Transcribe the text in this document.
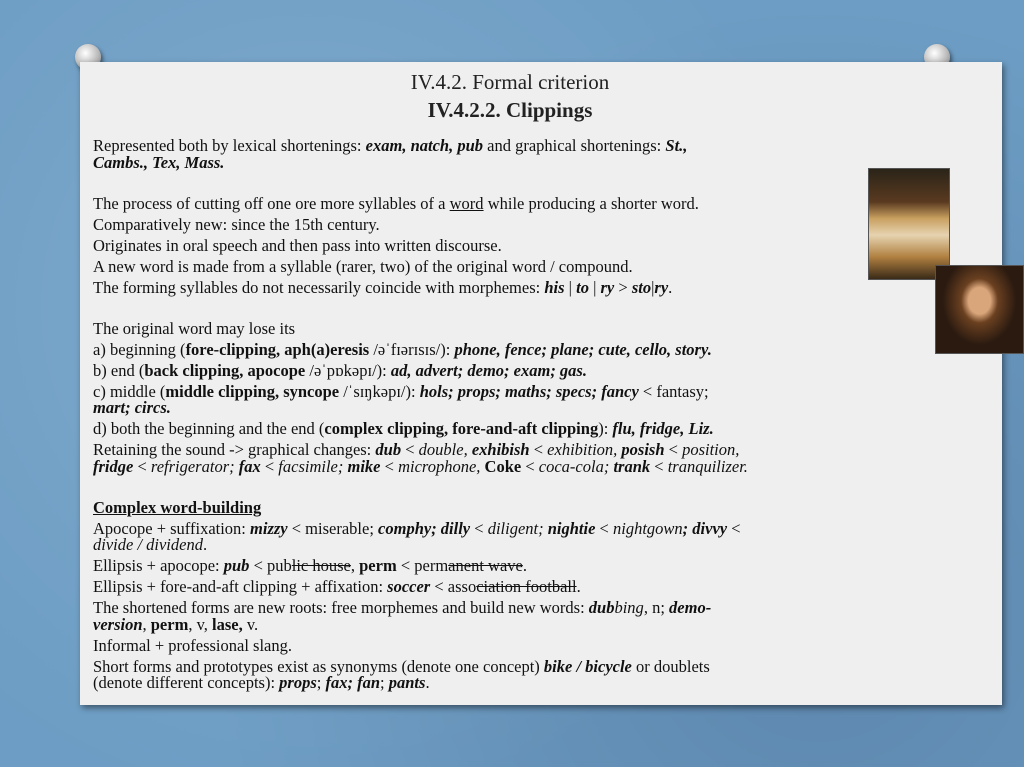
IV.4.2. Formal criterion
IV.4.2.2. Clippings
Represented both by lexical shortenings: exam, natch, pub and graphical shortenings: St.,
Cambs., Tex, Mass.
The process of cutting off one ore more syllables of a word while producing a shorter word.
Comparatively new: since the 15th century.
Originates in oral speech and then pass into written discourse.
A new word is made from a syllable (rarer, two) of the original word / compound.
The forming syllables do not necessarily coincide with morphemes: his | to | ry > sto|ry.
The original word may lose its
a) beginning (fore-clipping, aph(a)eresis /əˈfɪərɪsɪs/): phone, fence; plane; cute, cello, story.
b) end (back clipping, apocope /əˈpɒkəpɪ/): ad, advert; demo; exam; gas.
c) middle (middle clipping, syncope /ˈsɪŋkəpɪ/): hols; props; maths; specs; fancy < fantasy;
mart; circs.
d) both the beginning and the end (complex clipping, fore-and-aft clipping): flu, fridge, Liz.
Retaining the sound -> graphical changes: dub < double, exhibish < exhibition, posish < position,
fridge < refrigerator; fax < facsimile; mike < microphone, Coke < coca-cola; trank < tranquilizer.
Complex word-building
Apocope + suffixation: mizzy < miserable; comphy; dilly < diligent; nightie < nightgown; divvy <
divide / dividend.
Ellipsis + apocope: pub < public house, perm < permanent wave.
Ellipsis + fore-and-aft clipping + affixation: soccer < association football.
The shortened forms are new roots: free morphemes and build new words: dubbing, n; demo-
version, perm, v, lase, v.
Informal + professional slang.
Short forms and prototypes exist as synonyms (denote one concept) bike / bicycle or doublets
(denote different concepts): props; fax; fan; pants.
